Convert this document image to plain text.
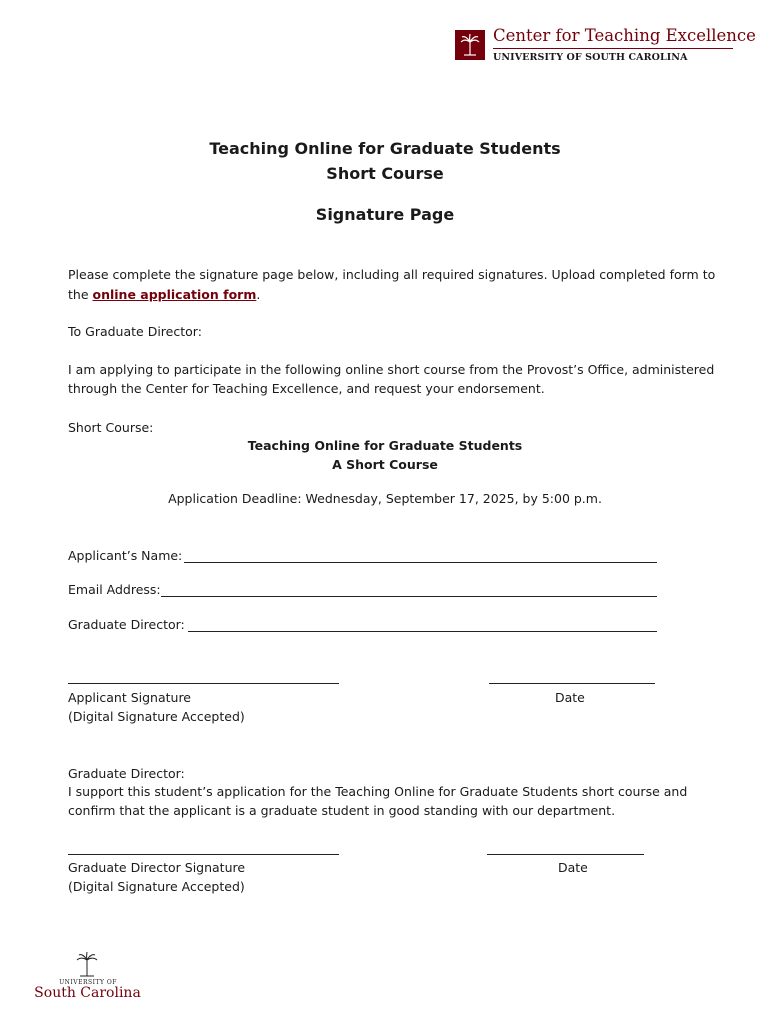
Center for Teaching Excellence
UNIVERSITY OF SOUTH CAROLINA
Teaching Online for Graduate Students
Short Course
Signature Page
Please complete the signature page below, including all required signatures. Upload completed form to
the online application form.
To Graduate Director:
I am applying to participate in the following online short course from the Provost’s Office, administered
through the Center for Teaching Excellence, and request your endorsement.
Short Course:
Teaching Online for Graduate Students
A Short Course
Application Deadline: Wednesday, September 17, 2025, by 5:00 p.m.
Applicant’s Name:
Email Address:
Graduate Director:
Applicant Signature	Date
(Digital Signature Accepted)
Graduate Director:
I support this student’s application for the Teaching Online for Graduate Students short course and
confirm that the applicant is a graduate student in good standing with our department.
Graduate Director Signature	Date
(Digital Signature Accepted)
UNIVERSITY OF
South Carolina
